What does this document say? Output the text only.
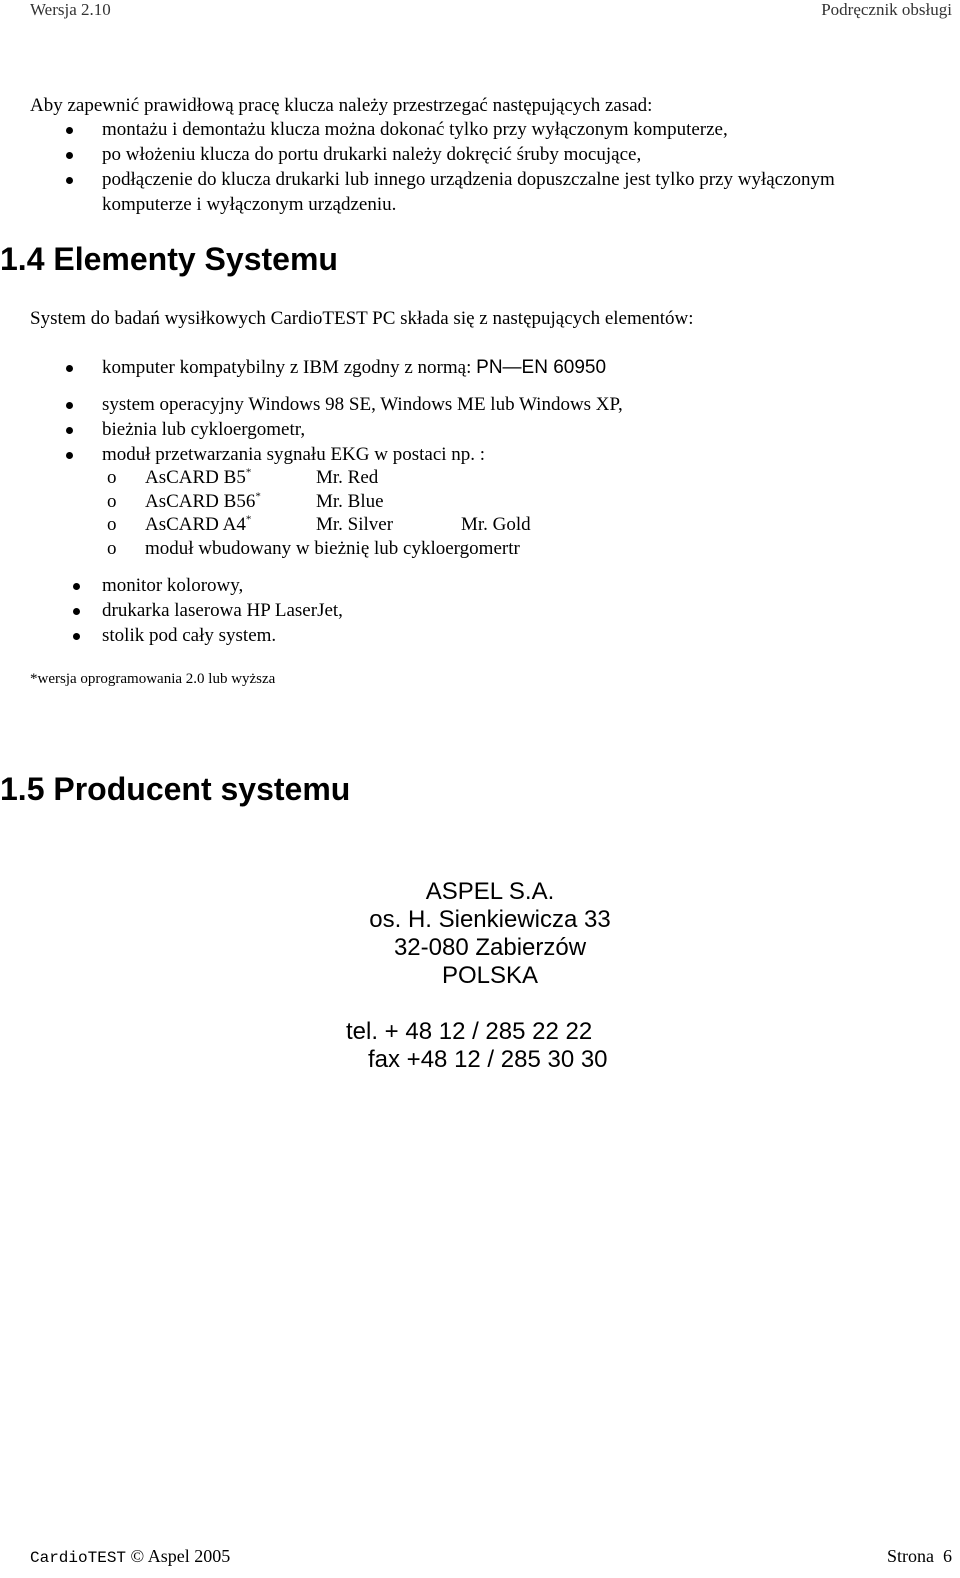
Wersja 2.10	Podręcznik obsługi
Aby zapewnić prawidłową pracę klucza należy przestrzegać następujących zasad:
montażu i demontażu klucza można dokonać tylko przy wyłączonym komputerze,
po włożeniu klucza do portu drukarki należy dokręcić śruby mocujące,
podłączenie do klucza drukarki lub innego urządzenia dopuszczalne jest tylko przy wyłączonym
komputerze i wyłączonym urządzeniu.
1.4 Elementy Systemu
System do badań wysiłkowych CardioTEST PC składa się z następujących elementów:
komputer kompatybilny z IBM zgodny z normą: PN—EN 60950
system operacyjny Windows 98 SE, Windows ME lub Windows XP,
bieżnia lub cykloergometr,
moduł przetwarzania sygnału EKG w postaci np. :
o AsCARD B5*	Mr. Red
o AsCARD B56*	Mr. Blue
o AsCARD A4*	Mr. Silver	Mr. Gold
o moduł wbudowany w bieżnię lub cykloergomertr
monitor kolorowy,
drukarka laserowa HP LaserJet,
stolik pod cały system.
*wersja oprogramowania 2.0 lub wyższa
1.5 Producent systemu
ASPEL S.A.
os. H. Sienkiewicza 33
32-080 Zabierzów
POLSKA
tel. + 48 12 / 285 22 22
fax +48 12 / 285 30 30
CardioTEST © Aspel 2005	Strona 6
